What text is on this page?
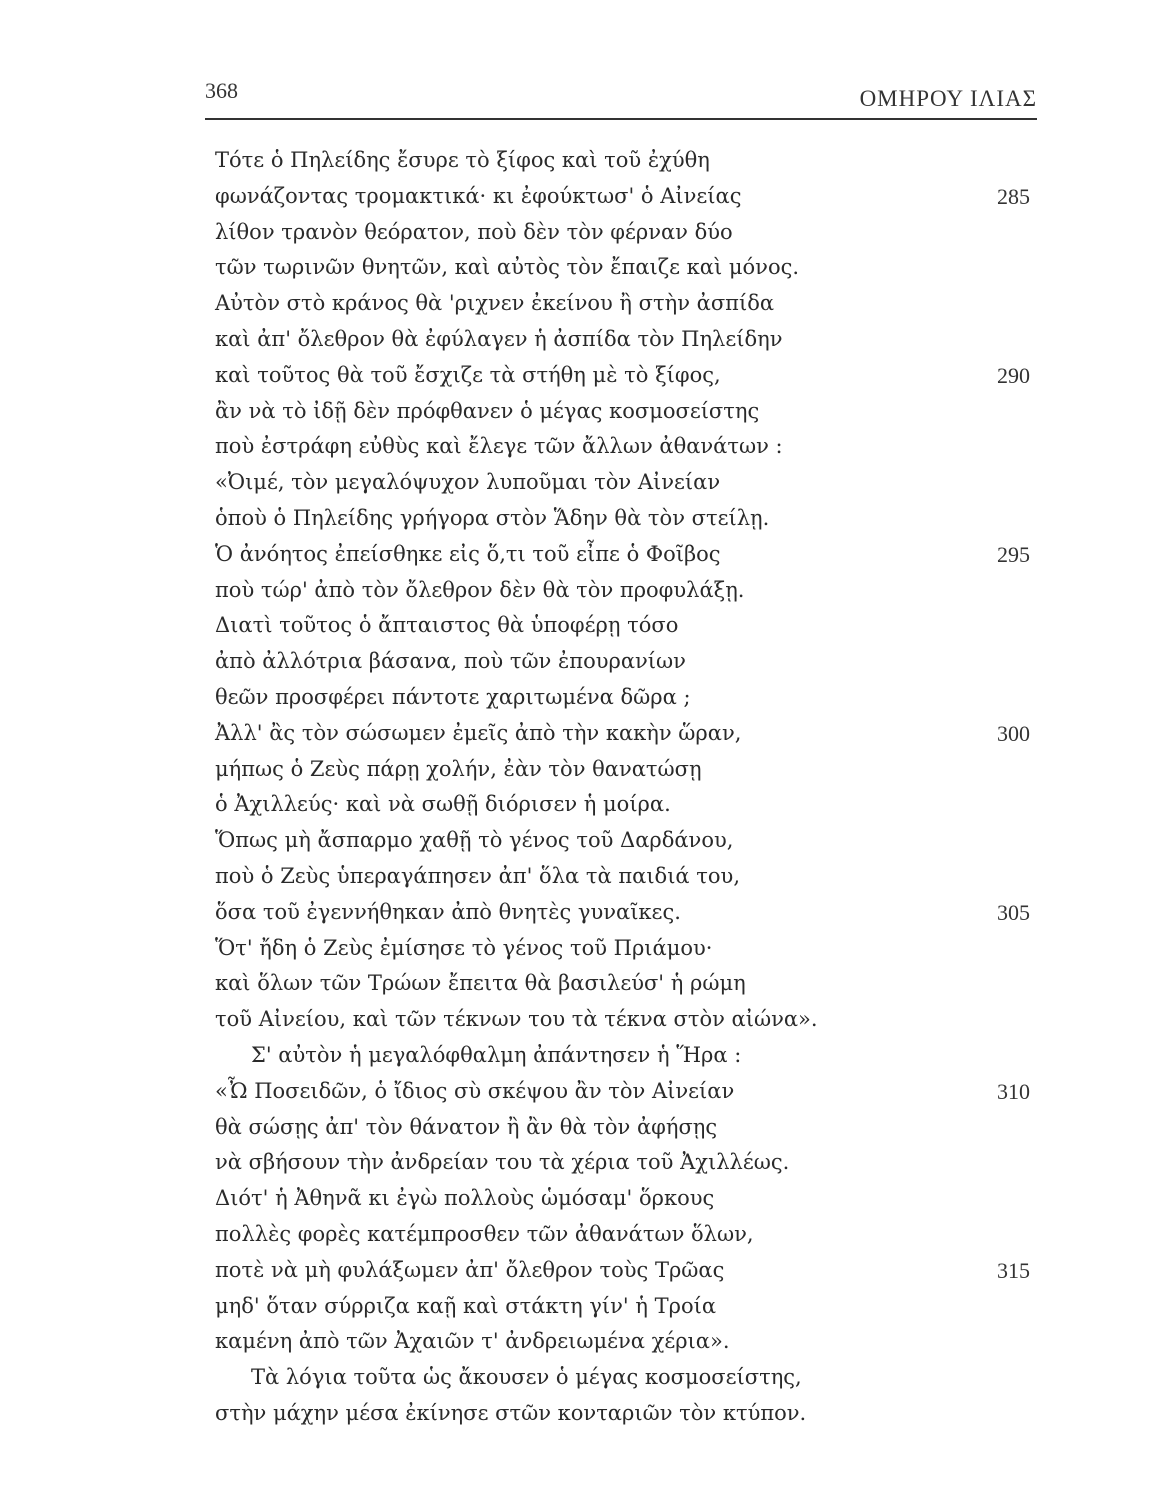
368	ΟΜΗΡΟΥ ΙΛΙΑΣ
Τότε ὁ Πηλείδης ἔσυρε τὸ ξίφος καὶ τοῦ ἐχύθη
φωνάζοντας τρομακτικά· κι ἐφούκτωσ' ὁ Αἰνείας	285
λίθον τρανὸν θεόρατον, ποὺ δὲν τὸν φέρναν δύο
τῶν τωρινῶν θνητῶν, καὶ αὐτὸς τὸν ἔπαιζε καὶ μόνος.
Αὐτὸν στὸ κράνος θὰ 'ριχνεν ἐκείνου ἢ στὴν ἀσπίδα
καὶ ἀπ' ὄλεθρον θὰ ἐφύλαγεν ἡ ἀσπίδα τὸν Πηλείδην
καὶ τοῦτος θὰ τοῦ ἔσχιζε τὰ στήθη μὲ τὸ ξίφος,	290
ἂν νὰ τὸ ἰδῇ δὲν πρόφθανεν ὁ μέγας κοσμοσείστης
ποὺ ἐστράφη εὐθὺς καὶ ἔλεγε τῶν ἄλλων ἀθανάτων :
«Ὀιμέ, τὸν μεγαλόψυχον λυποῦμαι τὸν Αἰνείαν
ὁποὺ ὁ Πηλείδης γρήγορα στὸν Ἅδην θὰ τὸν στείλῃ.
Ὁ ἀνόητος ἐπείσθηκε εἰς ὅ,τι τοῦ εἶπε ὁ Φοῖβος	295
ποὺ τώρ' ἀπὸ τὸν ὄλεθρον δὲν θὰ τὸν προφυλάξῃ.
Διατὶ τοῦτος ὁ ἄπταιστος θὰ ὑποφέρῃ τόσο
ἀπὸ ἀλλότρια βάσανα, ποὺ τῶν ἐπουρανίων
θεῶν προσφέρει πάντοτε χαριτωμένα δῶρα ;
Ἀλλ' ἂς τὸν σώσωμεν ἐμεῖς ἀπὸ τὴν κακὴν ὥραν,	300
μήπως ὁ Ζεὺς πάρῃ χολήν, ἐὰν τὸν θανατώσῃ
ὁ Ἀχιλλεύς· καὶ νὰ σωθῇ διόρισεν ἡ μοίρα.
Ὅπως μὴ ἄσπαρμο χαθῇ τὸ γένος τοῦ Δαρδάνου,
ποὺ ὁ Ζεὺς ὑπεραγάπησεν ἀπ' ὅλα τὰ παιδιά του,
ὅσα τοῦ ἐγεννήθηκαν ἀπὸ θνητὲς γυναῖκες.	305
Ὅτ' ἤδη ὁ Ζεὺς ἐμίσησε τὸ γένος τοῦ Πριάμου·
καὶ ὅλων τῶν Τρώων ἔπειτα θὰ βασιλεύσ' ἡ ρώμη
τοῦ Αἰνείου, καὶ τῶν τέκνων του τὰ τέκνα στὸν αἰώνα».
Σ' αὐτὸν ἡ μεγαλόφθαλμη ἀπάντησεν ἡ Ἥρα :
«Ὦ Ποσειδῶν, ὁ ἴδιος σὺ σκέψου ἂν τὸν Αἰνείαν	310
θὰ σώσῃς ἀπ' τὸν θάνατον ἢ ἂν θὰ τὸν ἀφήσῃς
νὰ σβήσουν τὴν ἀνδρείαν του τὰ χέρια τοῦ Ἀχιλλέως.
Διότ' ἡ Ἀθηνᾶ κι ἐγὼ πολλοὺς ὡμόσαμ' ὅρκους
πολλὲς φορὲς κατέμπροσθεν τῶν ἀθανάτων ὅλων,
ποτὲ νὰ μὴ φυλάξωμεν ἀπ' ὄλεθρον τοὺς Τρῶας	315
μηδ' ὅταν σύρριζα καῇ καὶ στάκτη γίν' ἡ Τροία
καμένη ἀπὸ τῶν Ἀχαιῶν τ' ἀνδρειωμένα χέρια».
Τὰ λόγια τοῦτα ὡς ἄκουσεν ὁ μέγας κοσμοσείστης,
στὴν μάχην μέσα ἐκίνησε στῶν κονταριῶν τὸν κτύπον.
